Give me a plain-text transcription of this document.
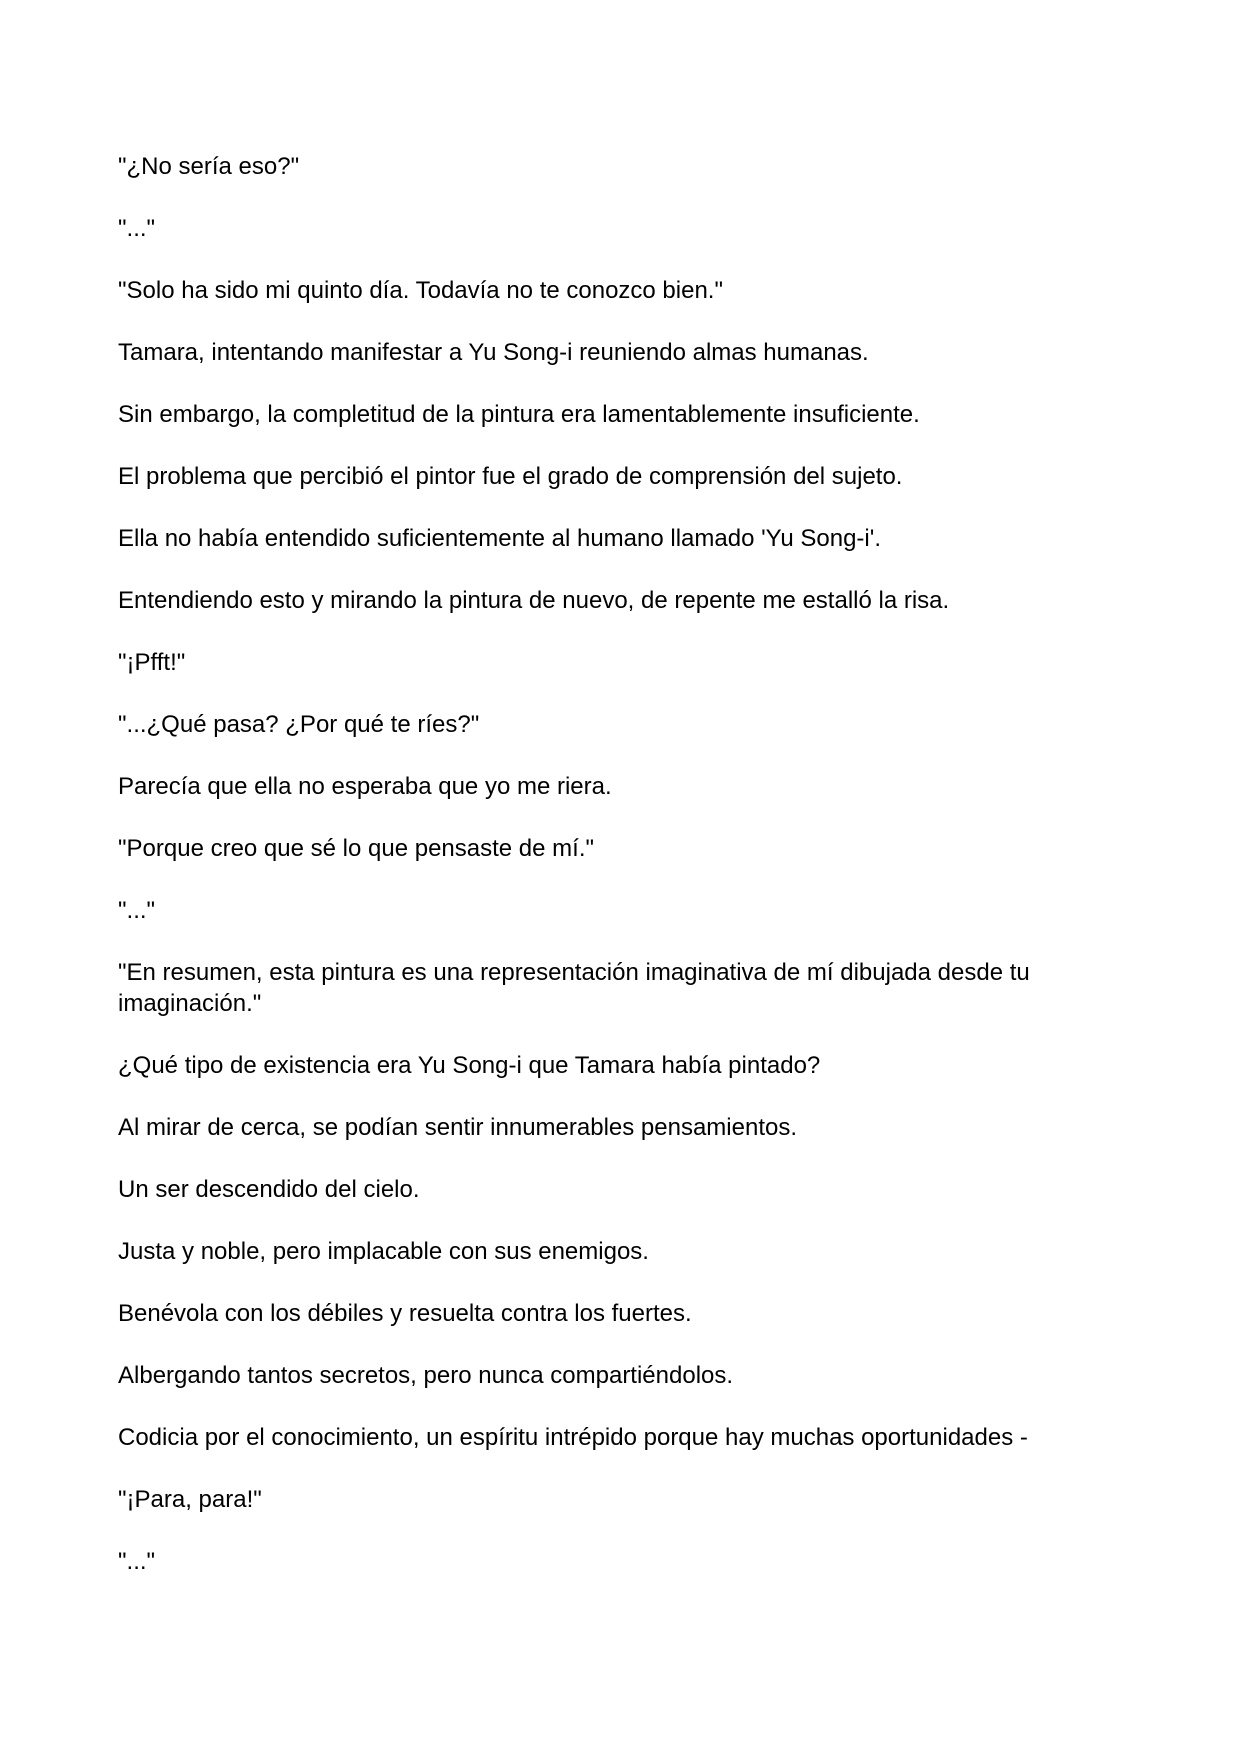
"¿No sería eso?"

"..."

"Solo ha sido mi quinto día. Todavía no te conozco bien."

Tamara, intentando manifestar a Yu Song-i reuniendo almas humanas.

Sin embargo, la completitud de la pintura era lamentablemente insuficiente.

El problema que percibió el pintor fue el grado de comprensión del sujeto.

Ella no había entendido suficientemente al humano llamado 'Yu Song-i'.

Entendiendo esto y mirando la pintura de nuevo, de repente me estalló la risa.

"¡Pfft!"

"...¿Qué pasa? ¿Por qué te ríes?"

Parecía que ella no esperaba que yo me riera.

"Porque creo que sé lo que pensaste de mí."

"..."

"En resumen, esta pintura es una representación imaginativa de mí dibujada desde tu imaginación."

¿Qué tipo de existencia era Yu Song-i que Tamara había pintado?

Al mirar de cerca, se podían sentir innumerables pensamientos.

Un ser descendido del cielo.

Justa y noble, pero implacable con sus enemigos.

Benévola con los débiles y resuelta contra los fuertes.

Albergando tantos secretos, pero nunca compartiéndolos.

Codicia por el conocimiento, un espíritu intrépido porque hay muchas oportunidades -

"¡Para, para!"

"..."
